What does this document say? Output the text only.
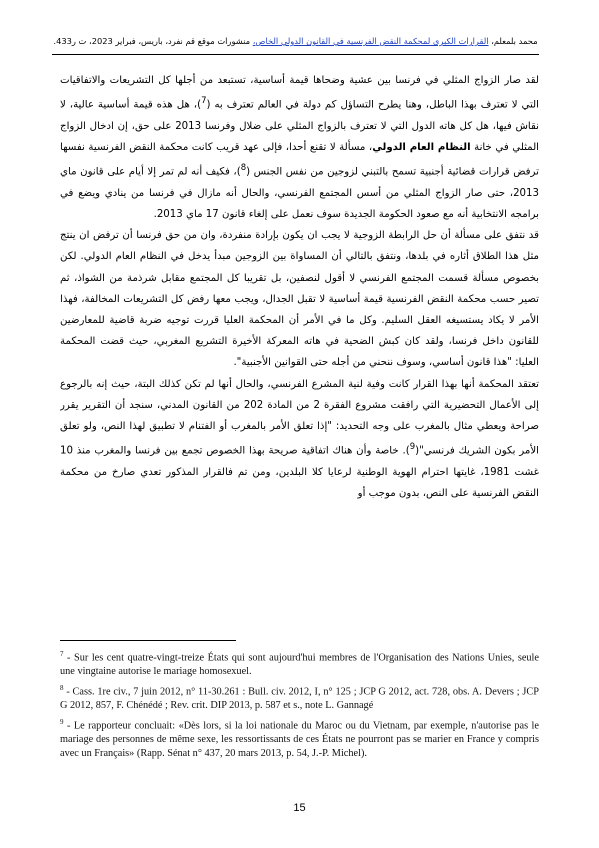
محمد بلمعلم، القرارات الكبرى لمحكمة النقض الفرنسية في القانون الدولي الخاص، منشورات موقع قم نفرد، باريس، فبراير 2023، ت ر433.

لقد صار الزواج المثلي في فرنسا بين عشية وضحاها قيمة أساسية، تستبعد من أجلها كل التشريعات والاتفاقيات التي لا تعترف بهذا الباطل، وهنا يطرح التساؤل كم دولة في العالم تعترف به ($^7$)، هل هذه قيمة أساسية عالية، لا نقاش فيها، هل كل هاته الدول التي لا تعترف بالزواج المثلي على ضلال وفرنسا 2013 على حق، إن ادخال الزواج المثلي في خانة النظام العام الدولي، مسألة لا تقنع أحدا، فإلى عهد قريب كانت محكمة النقض الفرنسية نفسها ترفض قرارات قضائية أجنبية تسمح بالتبني لزوجين من نفس الجنس ($^8$)، فكيف أنه لم تمر إلا أيام على قانون ماي 2013، حتى صار الزواج المثلي من أسس المجتمع الفرنسي، والحال أنه مازال في فرنسا من ينادي ويضع في برامجه الانتخابية أنه مع صعود الحكومة الجديدة سوف نعمل على إلغاء قانون 17 ماي 2013.

قد نتفق على مسألة أن حل الرابطة الزوجية لا يجب ان يكون بإرادة منفردة، وان من حق فرنسا أن ترفض ان ينتج مثل هذا الطلاق أثاره في بلدها، ونتفق بالتالي أن المساواة بين الزوجين مبدأ يدخل في النظام العام الدولي. لكن بخصوص مسألة قسمت المجتمع الفرنسي لا أقول لنصفين، بل تقريبا كل المجتمع مقابل شرذمة من الشواذ، ثم تصير حسب محكمة النقض الفرنسية قيمة أساسية لا تقبل الجدال، ويجب معها رفض كل التشريعات المخالفة، فهذا الأمر لا يكاد يستسيغه العقل السليم. وكل ما في الأمر أن المحكمة العليا قررت توجيه ضربة قاضية للمعارضين للقانون داخل فرنسا، ولقد كان كبش الضحية في هاته المعركة الأخيرة التشريع المغربي، حيث قضت المحكمة العليا: "هذا قانون أساسي، وسوف ننحني من أجله حتى القوانين الأجنبية".

تعتقد المحكمة أنها بهذا القرار كانت وفية لنية المشرع الفرنسي، والحال أنها لم تكن كذلك البتة، حيث إنه بالرجوع إلى الأعمال التحضيرية التي رافقت مشروع الفقرة 2 من المادة 202 من القانون المدني، سنجد أن التقرير يقرر صراحة ويعطي مثال بالمغرب على وجه التحديد: "إذا تعلق الأمر بالمغرب أو الفتنام لا تطبيق لهذا النص، ولو تعلق الأمر بكون الشريك فرنسي"($^9$). خاصة وأن هناك اتفاقية صريحة بهذا الخصوص تجمع بين فرنسا والمغرب منذ 10 غشت 1981، غايتها احترام الهوية الوطنية لرعايا كلا البلدين، ومن تم فالقرار المذكور تعدي صارخ من محكمة النقض الفرنسية على النص، بدون موجب أو

$^7$ - Sur les cent quatre-vingt-treize États qui sont aujourd'hui membres de l'Organisation des Nations Unies, seule une vingtaine autorise le mariage homosexuel.

$^8$ - Cass. 1re civ., 7 juin 2012, n° 11-30.261 : Bull. civ. 2012, I, n° 125 ; JCP G 2012, act. 728, obs. A. Devers ; JCP G 2012, 857, F. Chénédé ; Rev. crit. DIP 2013, p. 587 et s., note L. Gannagé

$^9$ - Le rapporteur concluait: «Dès lors, si la loi nationale du Maroc ou du Vietnam, par exemple, n'autorise pas le mariage des personnes de même sexe, les ressortissants de ces États ne pourront pas se marier en France y compris avec un Français» (Rapp. Sénat n° 437, 20 mars 2013, p. 54, J.-P. Michel).

15
